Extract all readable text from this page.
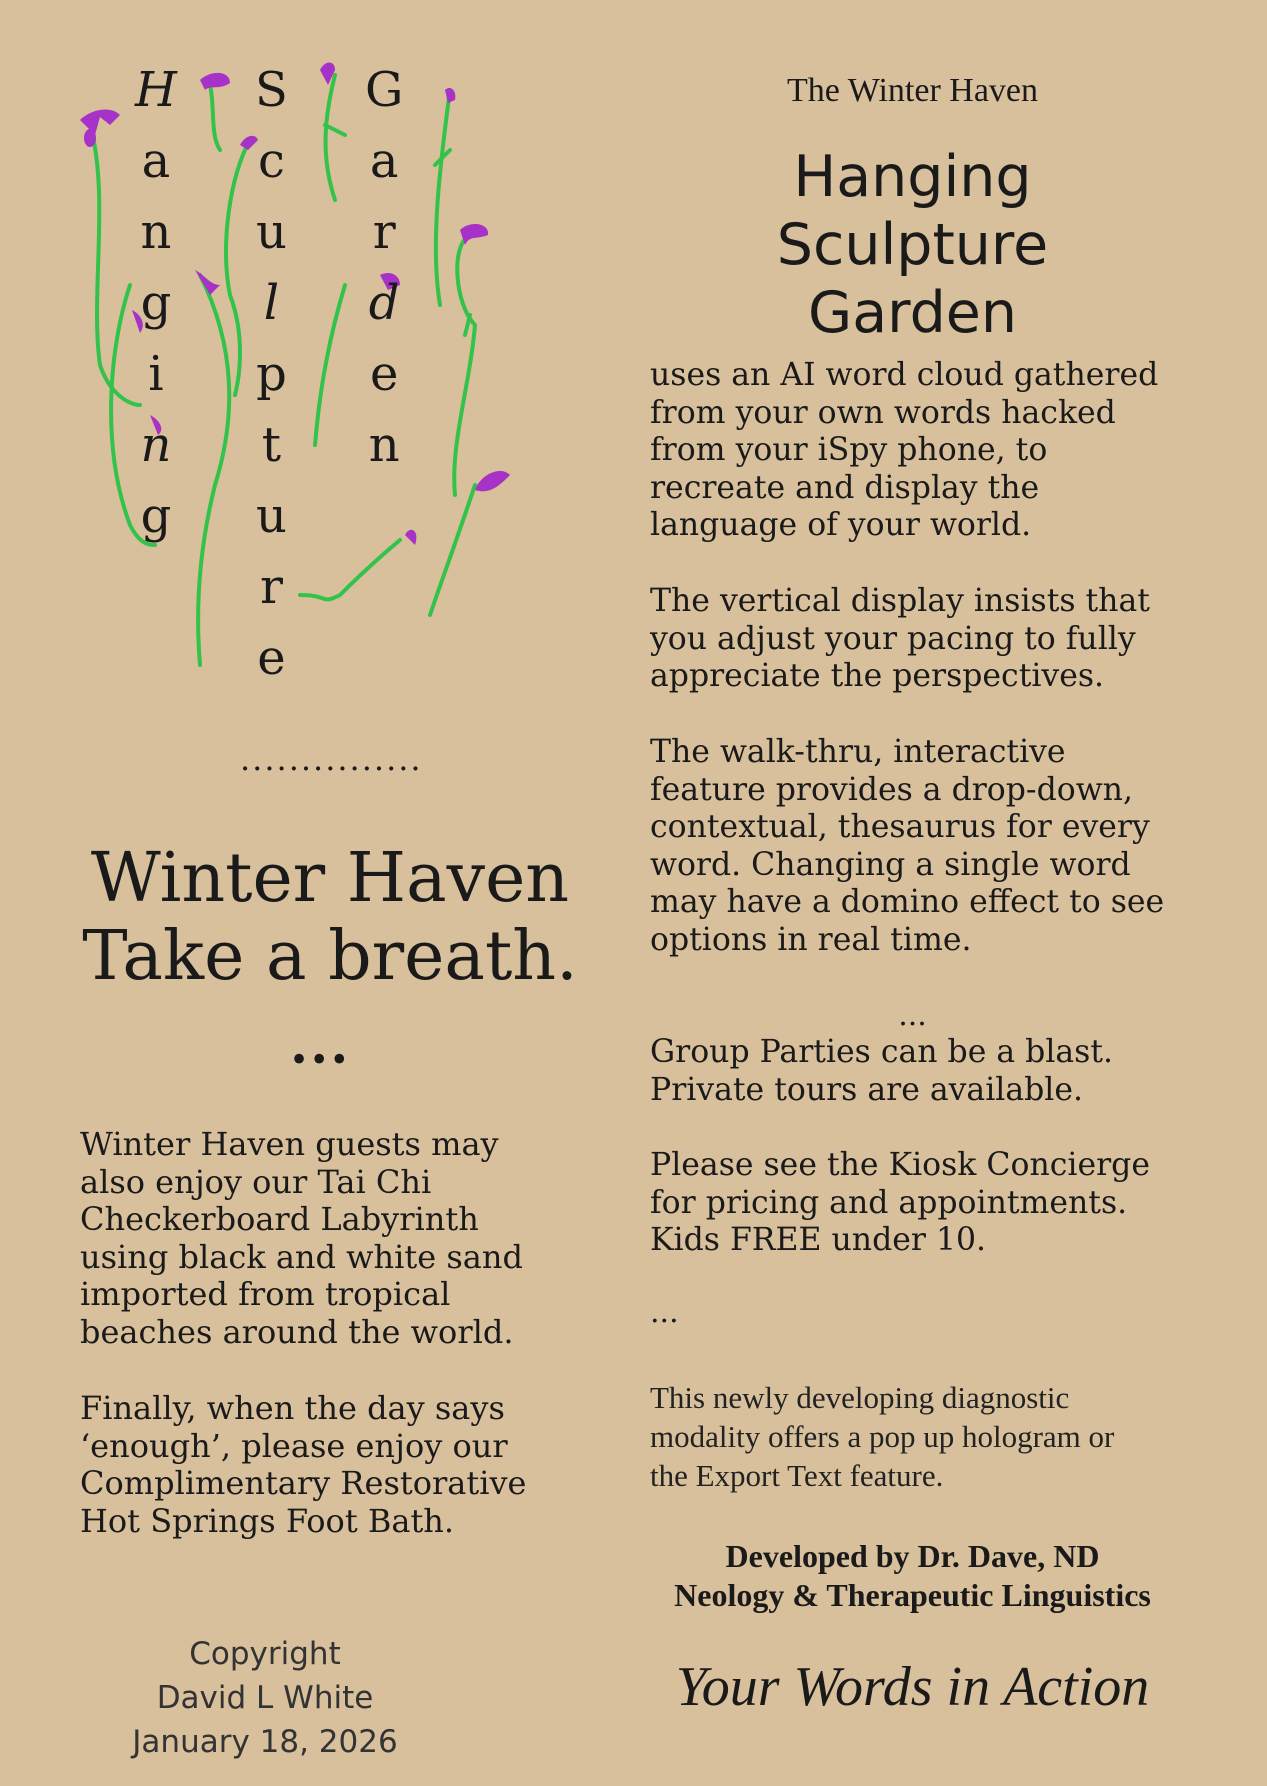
H
a
n
g
i
n
g
S
c
u
l
p
t
u
r
e
G
a
r
d
e
n
...............
Winter Haven
Take a breath.
...
Winter Haven guests may
also enjoy our Tai Chi
Checkerboard Labyrinth
using black and white sand
imported from tropical
beaches around the world.
Finally, when the day says
‘enough’, please enjoy our
Complimentary Restorative
Hot Springs Foot Bath.
Copyright
David L White
January 18, 2026
The Winter Haven
Hanging
Sculpture
Garden
uses an AI word cloud gathered
from your own words hacked
from your iSpy phone, to
recreate and display the
language of your world.
The vertical display insists that
you adjust your pacing to fully
appreciate the perspectives.
The walk-thru, interactive
feature provides a drop-down,
contextual, thesaurus for every
word. Changing a single word
may have a domino effect to see
options in real time.
...
Group Parties can be a blast.
Private tours are available.
Please see the Kiosk Concierge
for pricing and appointments.
Kids FREE under 10.
...
This newly developing diagnostic
modality offers a pop up hologram or
the Export Text feature.
Developed by Dr. Dave, ND
Neology & Therapeutic Linguistics
Your Words in Action
